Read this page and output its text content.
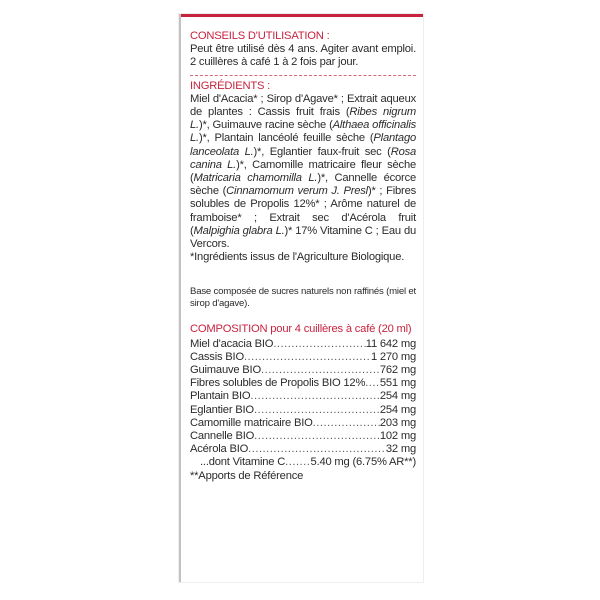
CONSEILS D'UTILISATION :

Peut être utilisé dès 4 ans. Agiter avant emploi. 2 cuillères à café 1 à 2 fois par jour.

INGRÉDIENTS :

Miel d'Acacia* ; Sirop d'Agave* ; Extrait aqueux de plantes : Cassis fruit frais (Ribes nigrum L.)*, Guimauve racine sèche (Althaea officinalis L.)*, Plantain lancéolé feuille sèche (Plantago lanceolata L.)*, Eglantier faux-fruit sec (Rosa canina L.)*, Camomille matricaire fleur sèche (Matricaria chamomilla L.)*, Cannelle écorce sèche (Cinnamomum verum J. Presl)* ; Fibres solubles de Propolis 12%* ; Arôme naturel de framboise* ; Extrait sec d'Acérola fruit (Malpighia glabra L.)* 17% Vitamine C ; Eau du Vercors.

*Ingrédients issus de l'Agriculture Biologique.

Base composée de sucres naturels non raffinés (miel et sirop d'agave).

COMPOSITION pour 4 cuillères à café (20 ml)
Miel d'acacia BIO .....	11 642 mg
Cassis BIO .....	1 270 mg
Guimauve BIO .....	762 mg
Fibres solubles de Propolis BIO 12% ..... 551 mg
Plantain BIO .....	254 mg
Eglantier BIO .....	254 mg
Camomille matricaire BIO .....	203 mg
Cannelle BIO .....	102 mg
Acérola BIO .....	32 mg
...dont Vitamine C ..... 5.40 mg (6.75% AR**)
**Apports de Référence
